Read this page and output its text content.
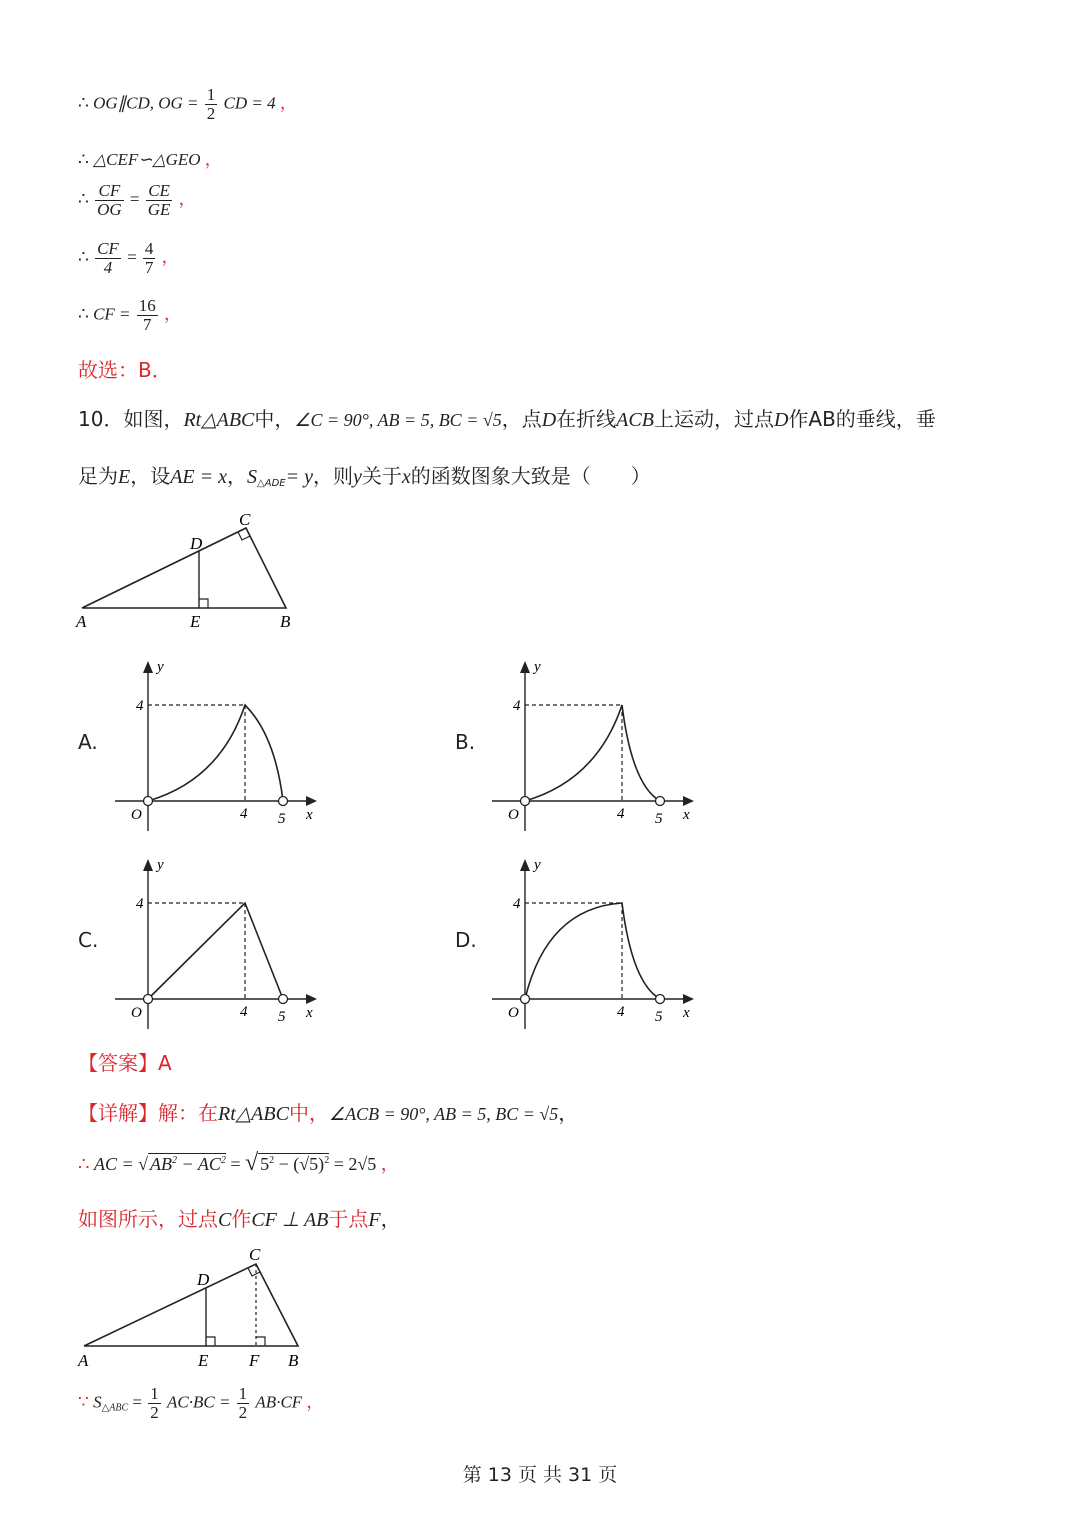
∴ OG∥CD, OG = $\frac{1}{2}$ CD = 4 ，
∴ △CEF∽△GEO ，
∴ $\frac{CF}{OG} = \frac{CE}{GE}$ ，
∴ $\frac{CF}{4} = \frac{4}{7}$ ，
∴ CF = $\frac{16}{7}$ ，
故选：B．
10．如图，Rt△ABC中，∠C = 90°, AB = 5, BC = √5，点D在折线ACB上运动，过点D作AB的垂线，垂
足为E，设AE = x，$S_{\triangle ADE}= y$，则y关于x的函数图象大致是（　　）
A	B
C
D
E
A.	B.
C.	D.
4
4 5 x
y
O
4
4 5 x
y
O
4
4 5 x
y
O
4
4 5 x
y
O
【答案】A
【详解】解：在Rt△ABC中，∠ACB = 90°, AB = 5, BC = √5，
∴ AC = √ $AB^2 - AC^2$ = √ $5^2 - (√5)^2 = 2√5$ ，
如图所示，过点C作CF ⊥ AB于点F，
A	B
C
D
E F
∵ $S_{\triangle ABC} = \frac{1}{2} AC\cdot BC = \frac{1}{2} AB\cdot CF$ ，
第 13 页 共 31 页
